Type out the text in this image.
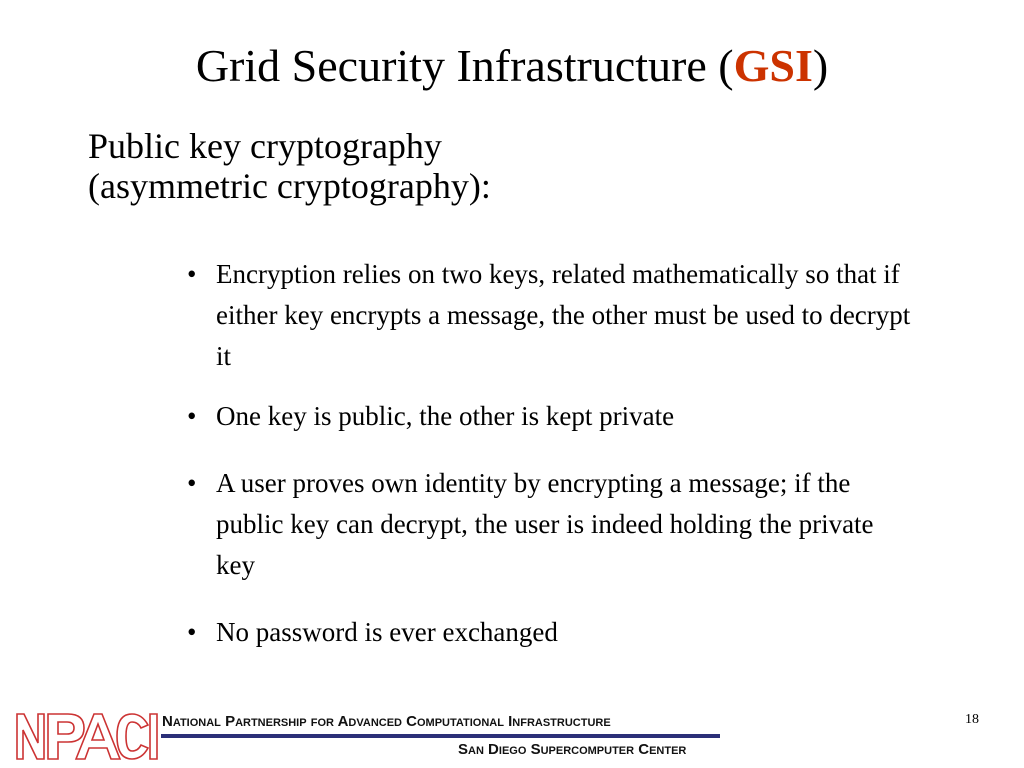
Grid Security Infrastructure (GSI)
Public key cryptography
(asymmetric cryptography):
• Encryption relies on two keys, related mathematically so that if either key encrypts a message, the other must be used to decrypt it
• One key is public, the other is kept private
• A user proves own identity by encrypting a message; if the public key can decrypt, the user is indeed holding the private key
• No password is ever exchanged
18
National Partnership for Advanced Computational Infrastructure
San Diego Supercomputer Center
